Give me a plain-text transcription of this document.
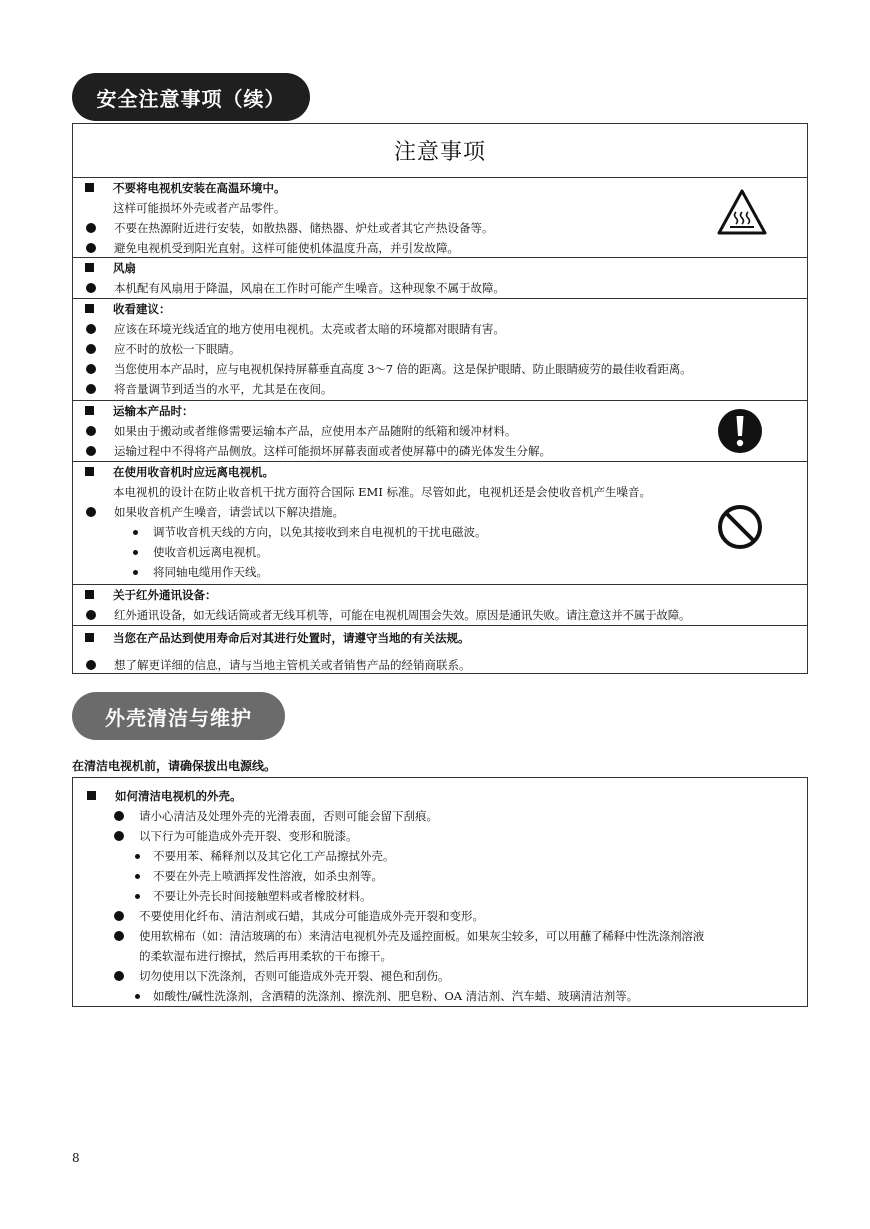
安全注意事项（续）
注意事项
不要将电视机安装在高温环境中。
这样可能损坏外壳或者产品零件。
不要在热源附近进行安装，如散热器、储热器、炉灶或者其它产热设备等。
避免电视机受到阳光直射。这样可能使机体温度升高，并引发故障。
风扇
本机配有风扇用于降温，风扇在工作时可能产生噪音。这种现象不属于故障。
收看建议：
应该在环境光线适宜的地方使用电视机。太亮或者太暗的环境都对眼睛有害。
应不时的放松一下眼睛。
当您使用本产品时，应与电视机保持屏幕垂直高度 3～7 倍的距离。这是保护眼睛、防止眼睛疲劳的最佳收看距离。
将音量调节到适当的水平，尤其是在夜间。
运输本产品时：
如果由于搬动或者维修需要运输本产品，应使用本产品随附的纸箱和缓冲材料。
运输过程中不得将产品侧放。这样可能损坏屏幕表面或者使屏幕中的磷光体发生分解。
在使用收音机时应远离电视机。
本电视机的设计在防止收音机干扰方面符合国际 EMI 标准。尽管如此，电视机还是会使收音机产生噪音。
如果收音机产生噪音，请尝试以下解决措施。
调节收音机天线的方向，以免其接收到来自电视机的干扰电磁波。
使收音机远离电视机。
将同轴电缆用作天线。
关于红外通讯设备：
红外通讯设备，如无线话筒或者无线耳机等，可能在电视机周围会失效。原因是通讯失败。请注意这并不属于故障。
当您在产品达到使用寿命后对其进行处置时，请遵守当地的有关法规。
想了解更详细的信息，请与当地主管机关或者销售产品的经销商联系。
外壳清洁与维护
在清洁电视机前，请确保拔出电源线。
如何清洁电视机的外壳。
请小心清洁及处理外壳的光滑表面，否则可能会留下刮痕。
以下行为可能造成外壳开裂、变形和脱漆。
不要用苯、稀释剂以及其它化工产品擦拭外壳。
不要在外壳上喷洒挥发性溶液，如杀虫剂等。
不要让外壳长时间接触塑料或者橡胶材料。
不要使用化纤布、清洁剂或石蜡，其成分可能造成外壳开裂和变形。
使用软棉布（如：清洁玻璃的布）来清洁电视机外壳及遥控面板。如果灰尘较多，可以用蘸了稀释中性洗涤剂溶液
的柔软湿布进行擦拭，然后再用柔软的干布擦干。
切勿使用以下洗涤剂，否则可能造成外壳开裂、褪色和刮伤。
如酸性/碱性洗涤剂，含酒精的洗涤剂、擦洗剂、肥皂粉、OA 清洁剂、汽车蜡、玻璃清洁剂等。
8
